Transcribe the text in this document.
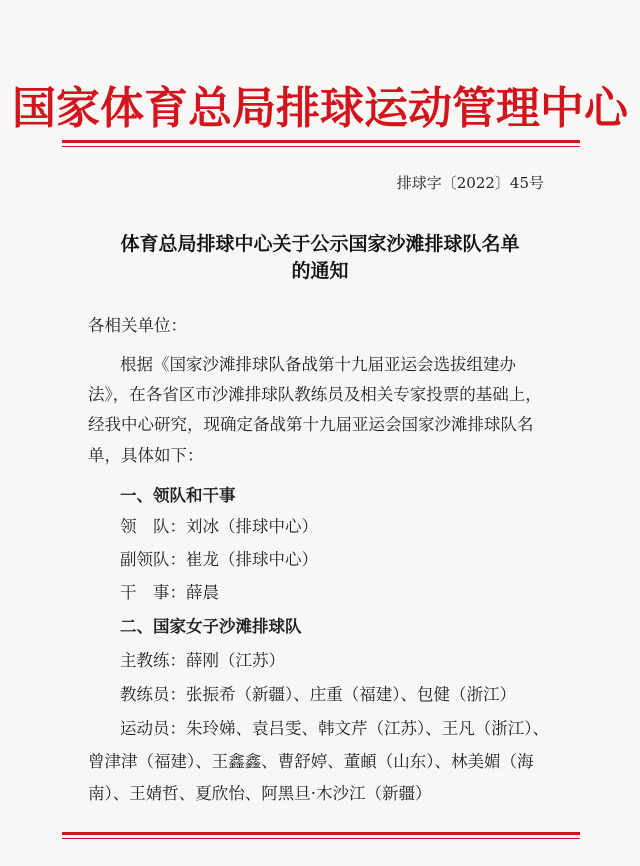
国家体育总局排球运动管理中心
排球字〔2022〕45号
体育总局排球中心关于公示国家沙滩排球队名单
的通知
各相关单位：
根据《国家沙滩排球队备战第十九届亚运会选拔组建办
法》，在各省区市沙滩排球队教练员及相关专家投票的基础上，
经我中心研究，现确定备战第十九届亚运会国家沙滩排球队名
单，具体如下：
一、领队和干事
领　队：刘冰（排球中心）
副领队：崔龙（排球中心）
干　事：薛晨
二、国家女子沙滩排球队
主教练：薛刚（江苏）
教练员：张振希（新疆）、庄重（福建）、包健（浙江）
运动员：朱玲娣、袁吕雯、韩文芹（江苏）、王凡（浙江）、
曾津津（福建）、王鑫鑫、曹舒婷、董頔（山东）、林美媚（海
南）、王婧哲、夏欣怡、阿黑旦·木沙江（新疆）
